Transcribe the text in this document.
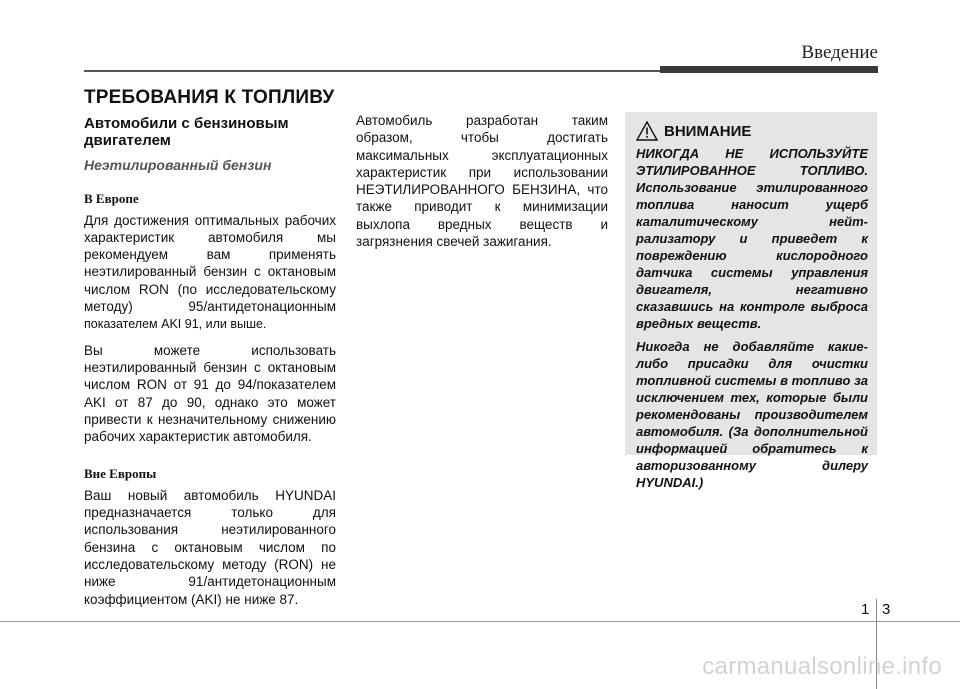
Введение
ТРЕБОВАНИЯ К ТОПЛИВУ
Автомобили с бензиновым двигателем
Неэтилированный бензин
В Европе

Для достижения оптимальных рабочих характеристик автомобиля мы рекомендуем вам применять неэтилированный бензин с октановым числом RON (по исследовательскому методу) 95/антидетонационным показателем AKI 91, или выше.

Вы можете использовать неэтилированный бензин с октановым числом RON от 91 до 94/показателем AKI от 87 до 90, однако это может привести к незначительному снижению рабочих характеристик автомобиля.

Вне Европы

Ваш новый автомобиль HYUNDAI предназначается только для использования неэтилированного бензина с октановым числом по исследовательскому методу (RON) не ниже 91/антидетонационным коэффициентом (AKI) не ниже 87.

Автомобиль разработан таким образом, чтобы достигать максимальных эксплуатационных характеристик при использовании НЕЭТИЛИРОВАННОГО БЕНЗИНА, что также приводит к минимизации выхлопа вредных веществ и загрязнения свечей зажигания.

ВНИМАНИЕ

НИКОГДА НЕ ИСПОЛЬЗУЙТЕ ЭТИЛИРОВАННОЕ ТОПЛИВО. Использование этилированного топлива наносит ущерб каталитическому нейт-рализатору и приведет к повреждению кислородного датчика системы управления двигателя, негативно сказавшись на контроле выброса вредных веществ.

Никогда не добавляйте какие-либо присадки для очистки топливной системы в топливо за исключением тех, которые были рекомендованы производителем автомобиля. (За дополнительной информацией обратитесь к авторизованному дилеру HYUNDAI.)

1 3
carmanualsonline.info
